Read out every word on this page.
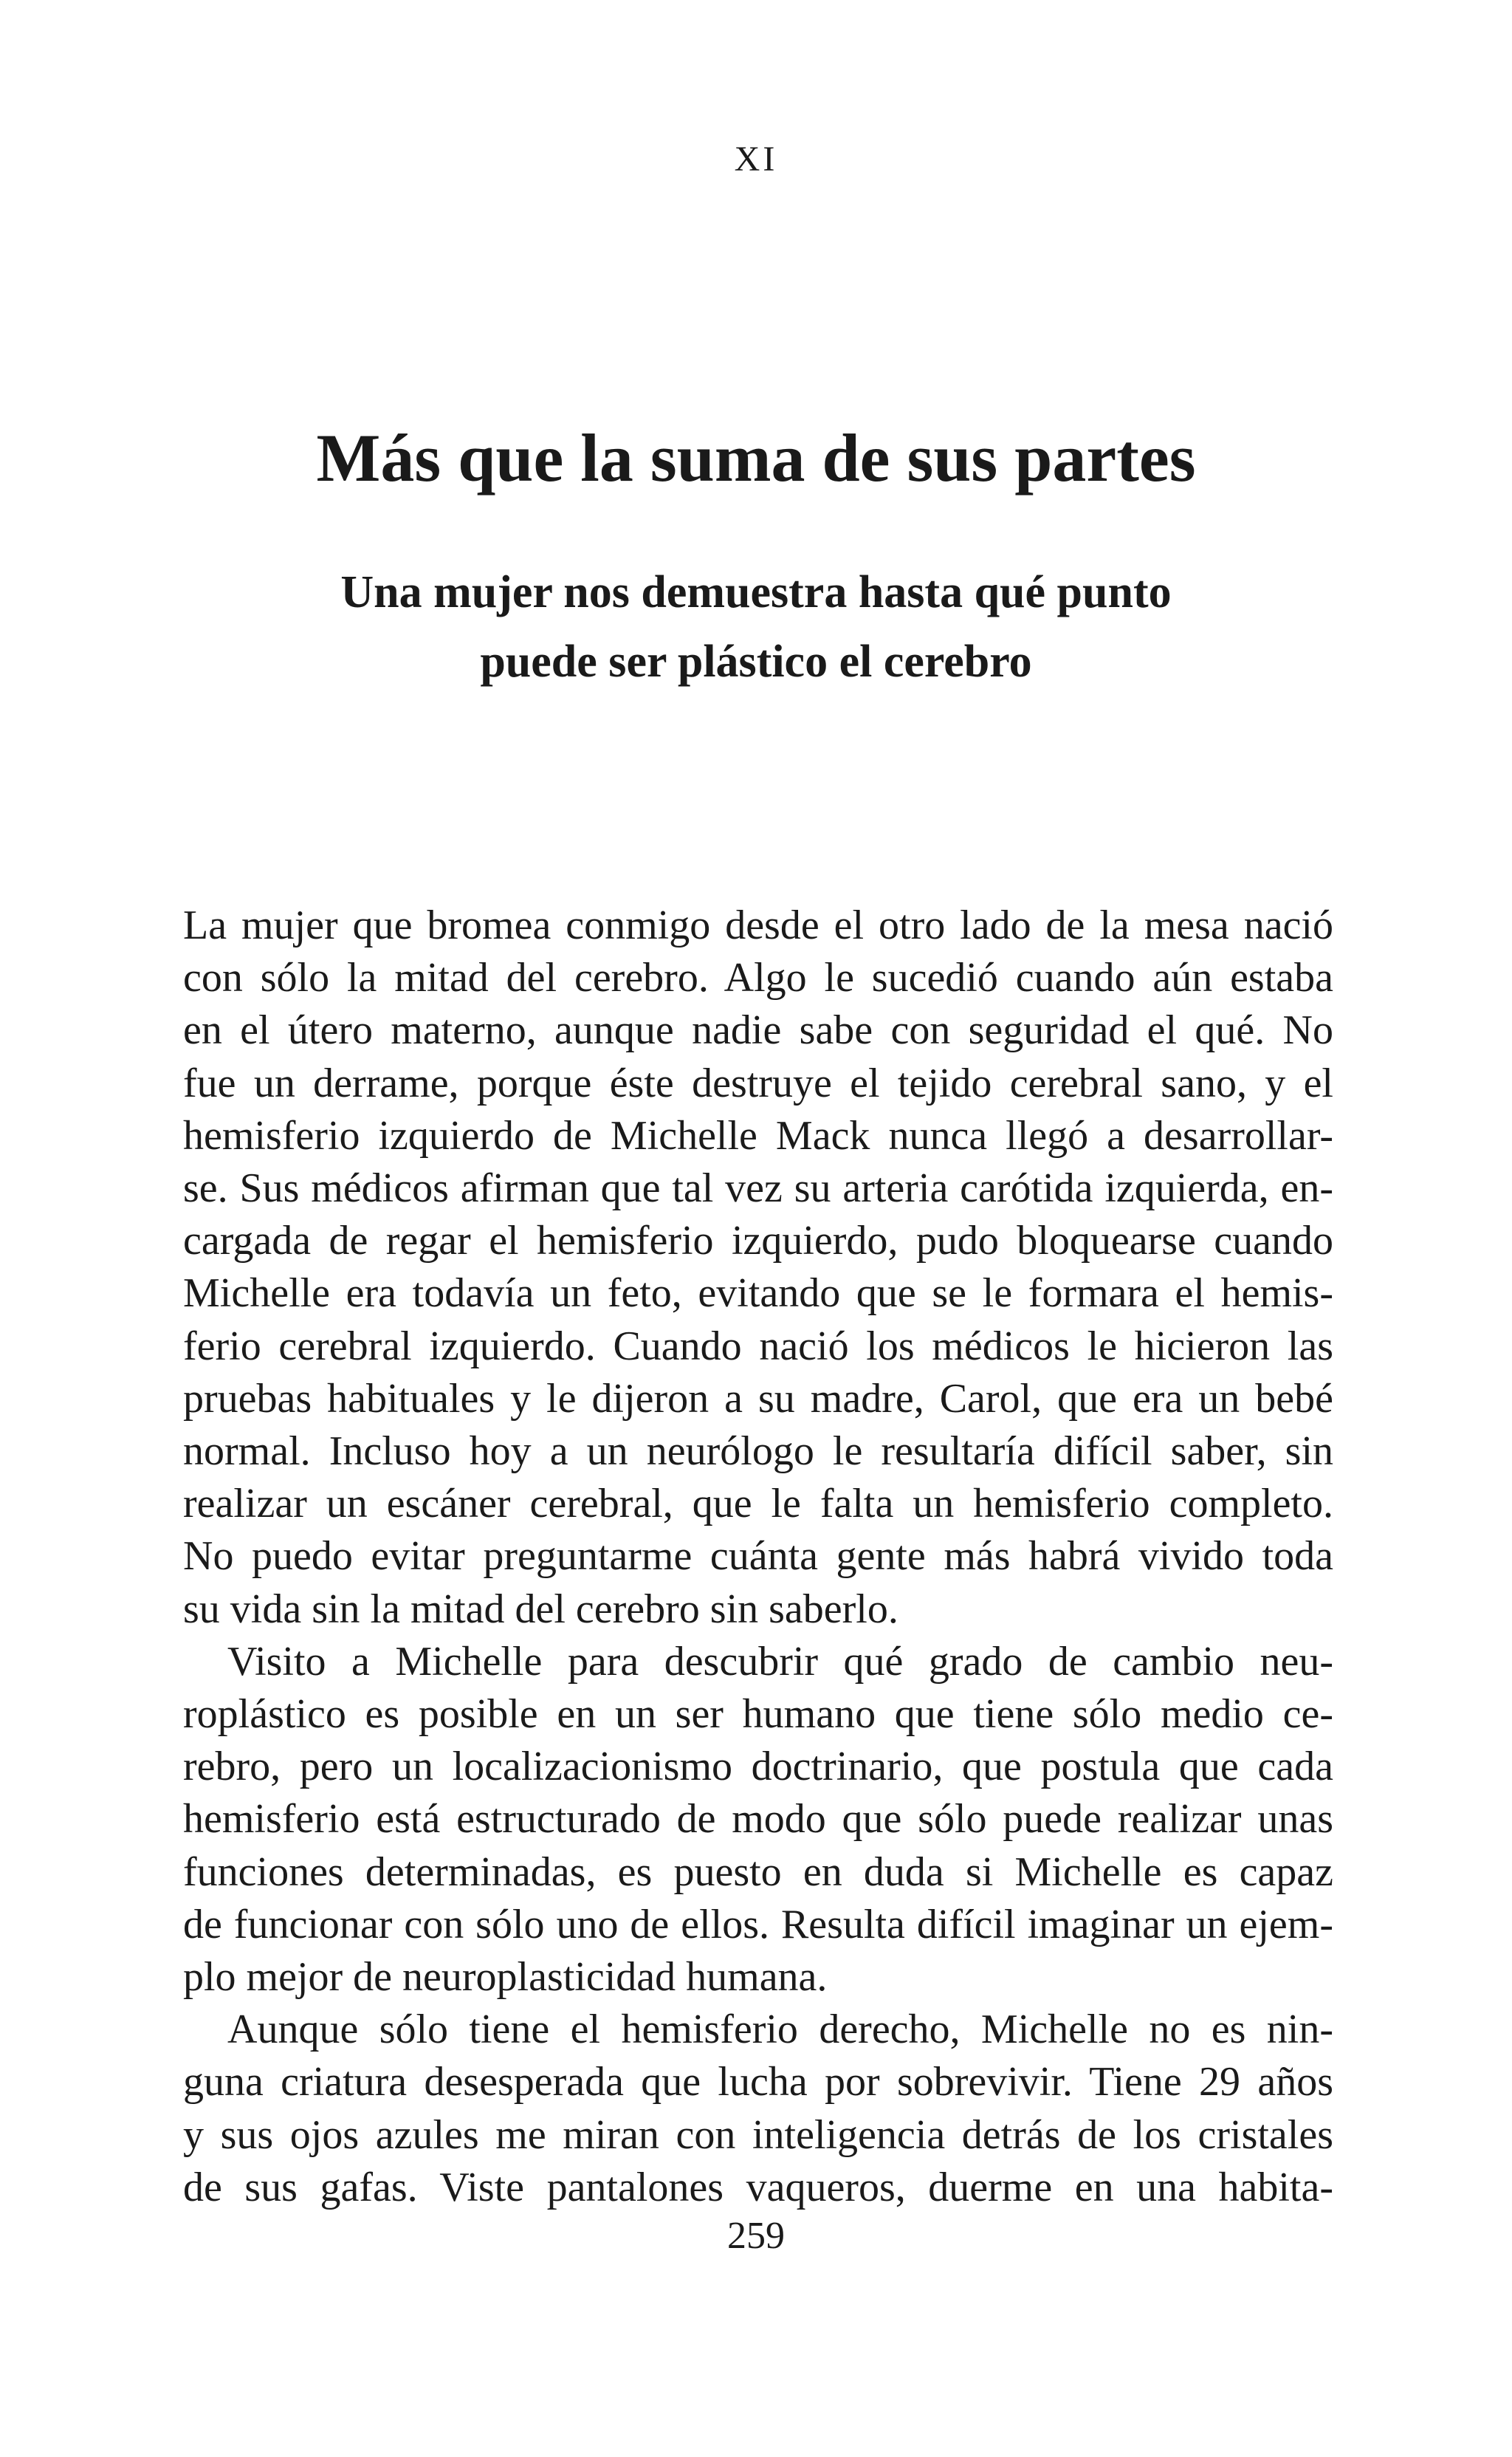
XI
Más que la suma de sus partes
Una mujer nos demuestra hasta qué punto
puede ser plástico el cerebro

La mujer que bromea conmigo desde el otro lado de la mesa nació

con sólo la mitad del cerebro. Algo le sucedió cuando aún estaba

en el útero materno, aunque nadie sabe con seguridad el qué. No

fue un derrame, porque éste destruye el tejido cerebral sano, y el

hemisferio izquierdo de Michelle Mack nunca llegó a desarrollar-

se. Sus médicos afirman que tal vez su arteria carótida izquierda, en-

cargada de regar el hemisferio izquierdo, pudo bloquearse cuando

Michelle era todavía un feto, evitando que se le formara el hemis-

ferio cerebral izquierdo. Cuando nació los médicos le hicieron las

pruebas habituales y le dijeron a su madre, Carol, que era un bebé

normal. Incluso hoy a un neurólogo le resultaría difícil saber, sin

realizar un escáner cerebral, que le falta un hemisferio completo.

No puedo evitar preguntarme cuánta gente más habrá vivido toda

su vida sin la mitad del cerebro sin saberlo.

Visito a Michelle para descubrir qué grado de cambio neu-

roplástico es posible en un ser humano que tiene sólo medio ce-

rebro, pero un localizacionismo doctrinario, que postula que cada

hemisferio está estructurado de modo que sólo puede realizar unas

funciones determinadas, es puesto en duda si Michelle es capaz

de funcionar con sólo uno de ellos. Resulta difícil imaginar un ejem-

plo mejor de neuroplasticidad humana.

Aunque sólo tiene el hemisferio derecho, Michelle no es nin-

guna criatura desesperada que lucha por sobrevivir. Tiene 29 años

y sus ojos azules me miran con inteligencia detrás de los cristales

de sus gafas. Viste pantalones vaqueros, duerme en una habita-

259
